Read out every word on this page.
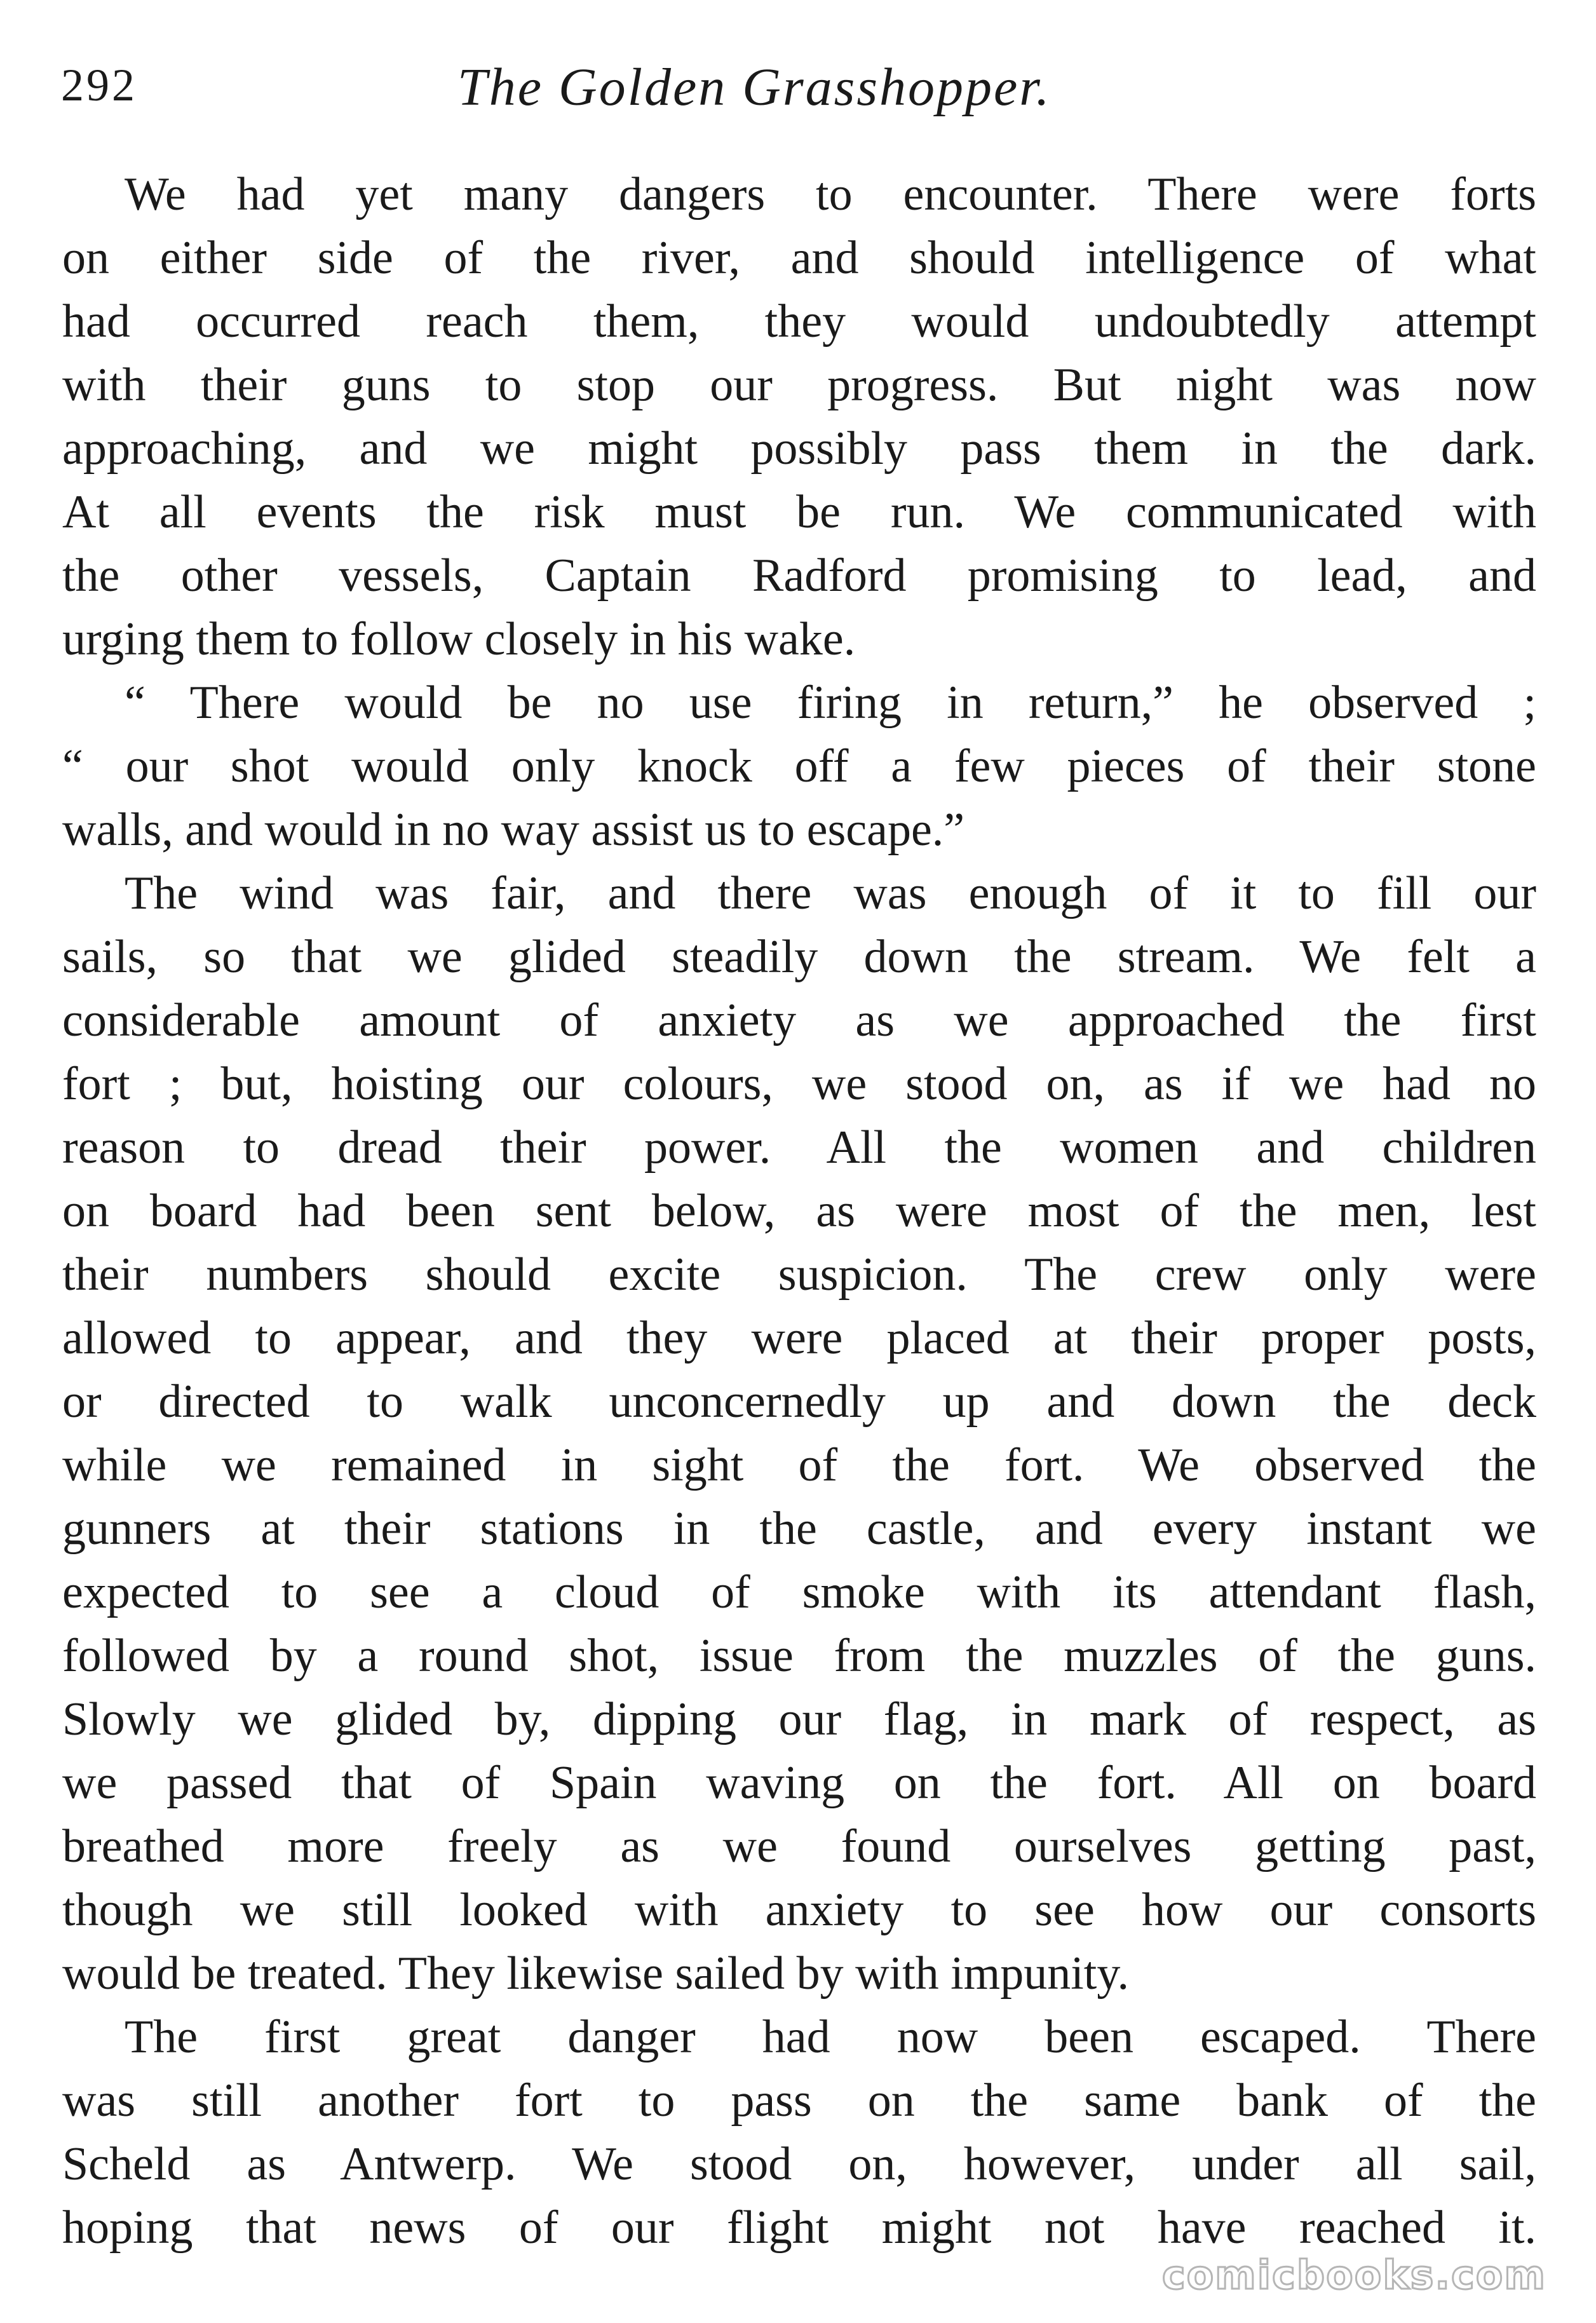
292	The Golden Grasshopper.
We had yet many dangers to encounter. There were forts
on either side of the river, and should intelligence of what
had occurred reach them, they would undoubtedly attempt
with their guns to stop our progress. But night was now
approaching, and we might possibly pass them in the dark.
At all events the risk must be run. We communicated with
the other vessels, Captain Radford promising to lead, and
urging them to follow closely in his wake.
“ There would be no use firing in return,” he observed ;
“ our shot would only knock off a few pieces of their stone
walls, and would in no way assist us to escape.”
The wind was fair, and there was enough of it to fill our
sails, so that we glided steadily down the stream. We felt a
considerable amount of anxiety as we approached the first
fort ; but, hoisting our colours, we stood on, as if we had no
reason to dread their power. All the women and children
on board had been sent below, as were most of the men, lest
their numbers should excite suspicion. The crew only were
allowed to appear, and they were placed at their proper posts,
or directed to walk unconcernedly up and down the deck
while we remained in sight of the fort. We observed the
gunners at their stations in the castle, and every instant we
expected to see a cloud of smoke with its attendant flash,
followed by a round shot, issue from the muzzles of the guns.
Slowly we glided by, dipping our flag, in mark of respect, as
we passed that of Spain waving on the fort. All on board
breathed more freely as we found ourselves getting past,
though we still looked with anxiety to see how our consorts
would be treated. They likewise sailed by with impunity.
The first great danger had now been escaped. There
was still another fort to pass on the same bank of the
Scheld as Antwerp. We stood on, however, under all sail,
hoping that news of our flight might not have reached it.
comicbooks.com
